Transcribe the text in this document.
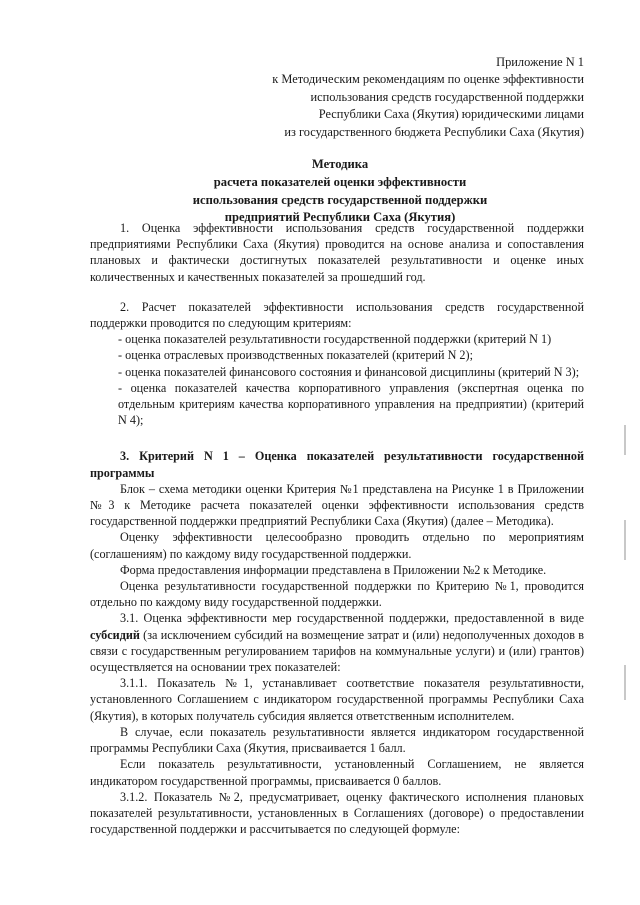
Приложение N 1
к Методическим рекомендациям по оценке эффективности
использования средств государственной поддержки
Республики Саха (Якутия) юридическими лицами
из государственного бюджета Республики Саха (Якутия)
Методика
расчета показателей оценки эффективности
использования средств государственной поддержки
предприятий Республики Саха (Якутия)

1. Оценка эффективности использования средств государственной поддержки предприятиями Республики Саха (Якутия) проводится на основе анализа и сопоставления плановых и фактически достигнутых показателей результативности и оценке иных количественных и качественных показателей за прошедший год.

2. Расчет показателей эффективности использования средств государственной поддержки проводится по следующим критериям:

- оценка показателей результативности государственной поддержки (критерий N 1)

- оценка отраслевых производственных показателей (критерий N 2);

- оценка показателей финансового состояния и финансовой дисциплины (критерий N 3);

- оценка показателей качества корпоративного управления (экспертная оценка по отдельным критериям качества корпоративного управления на предприятии) (критерий N 4);

3. Критерий N 1 – Оценка показателей результативности государственной программы

Блок – схема методики оценки Критерия №1 представлена на Рисунке 1 в Приложении №3 к Методике расчета показателей оценки эффективности использования средств государственной поддержки предприятий Республики Саха (Якутия) (далее – Методика).

Оценку эффективности целесообразно проводить отдельно по мероприятиям (соглашениям) по каждому виду государственной поддержки.

Форма предоставления информации представлена в Приложении №2 к Методике.

Оценка результативности государственной поддержки по Критерию №1, проводится отдельно по каждому виду государственной поддержки.

3.1. Оценка эффективности мер государственной поддержки, предоставленной в виде субсидий (за исключением субсидий на возмещение затрат и (или) недополученных доходов в связи с государственным регулированием тарифов на коммунальные услуги) и (или) грантов) осуществляется на основании трех показателей:

3.1.1. Показатель №1, устанавливает соответствие показателя результативности, установленного Соглашением с индикатором государственной программы Республики Саха (Якутия), в которых получатель субсидия является ответственным исполнителем.

В случае, если показатель результативности является индикатором государственной программы Республики Саха (Якутия, присваивается 1 балл.

Если показатель результативности, установленный Соглашением, не является индикатором государственной программы, присваивается 0 баллов.

3.1.2. Показатель №2, предусматривает, оценку фактического исполнения плановых показателей результативности, установленных в Соглашениях (договоре) о предоставлении государственной поддержки и рассчитывается по следующей формуле:
